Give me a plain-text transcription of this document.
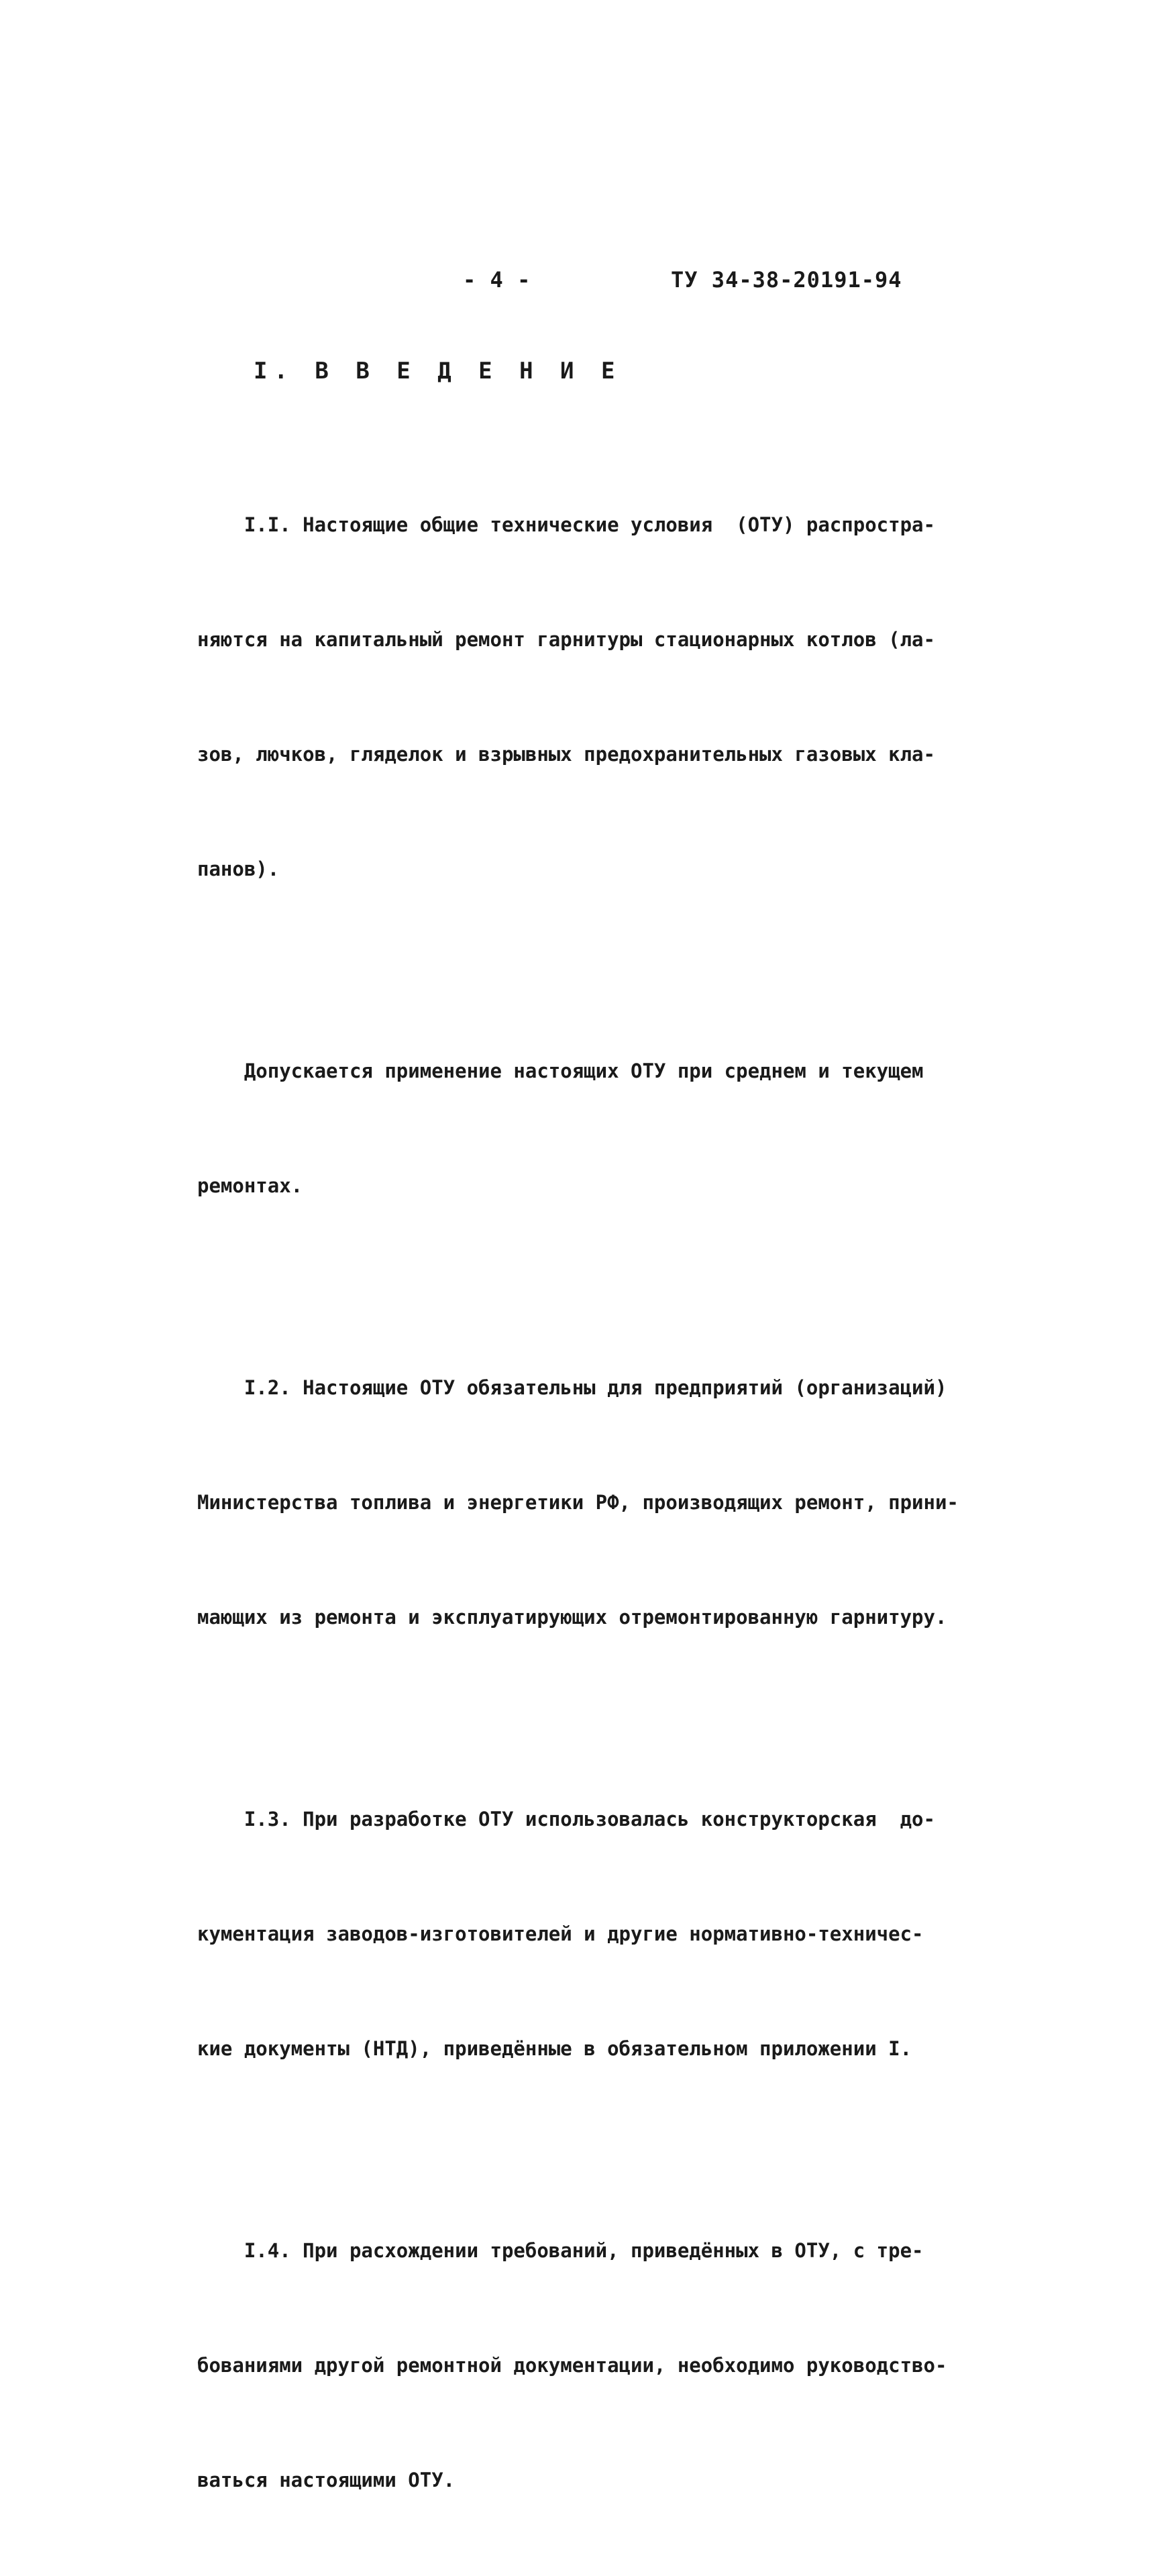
- 4 -	ТУ 34-38-20191-94
I. В В Е Д Е Н И Е

I.I. Настоящие общие технические условия  (ОТУ) распростра-

няются на капитальный ремонт гарнитуры стационарных котлов (ла-

зов, лючков, гляделок и взрывных предохранительных газовых кла-

панов).

Допускается применение настоящих ОТУ при среднем и текущем

ремонтах.

I.2. Настоящие ОТУ обязательны для предприятий (организаций)

Министерства топлива и энергетики РФ, производящих ремонт, прини-

мающих из ремонта и эксплуатирующих отремонтированную гарнитуру.

I.3. При разработке ОТУ использовалась конструкторская  до-

кументация заводов-изготовителей и другие нормативно-техничес-

кие документы (НТД), приведённые в обязательном приложении I.

I.4. При расхождении требований, приведённых в ОТУ, с тре-

бованиями другой ремонтной документации, необходимо руководство-

ваться настоящими ОТУ.
